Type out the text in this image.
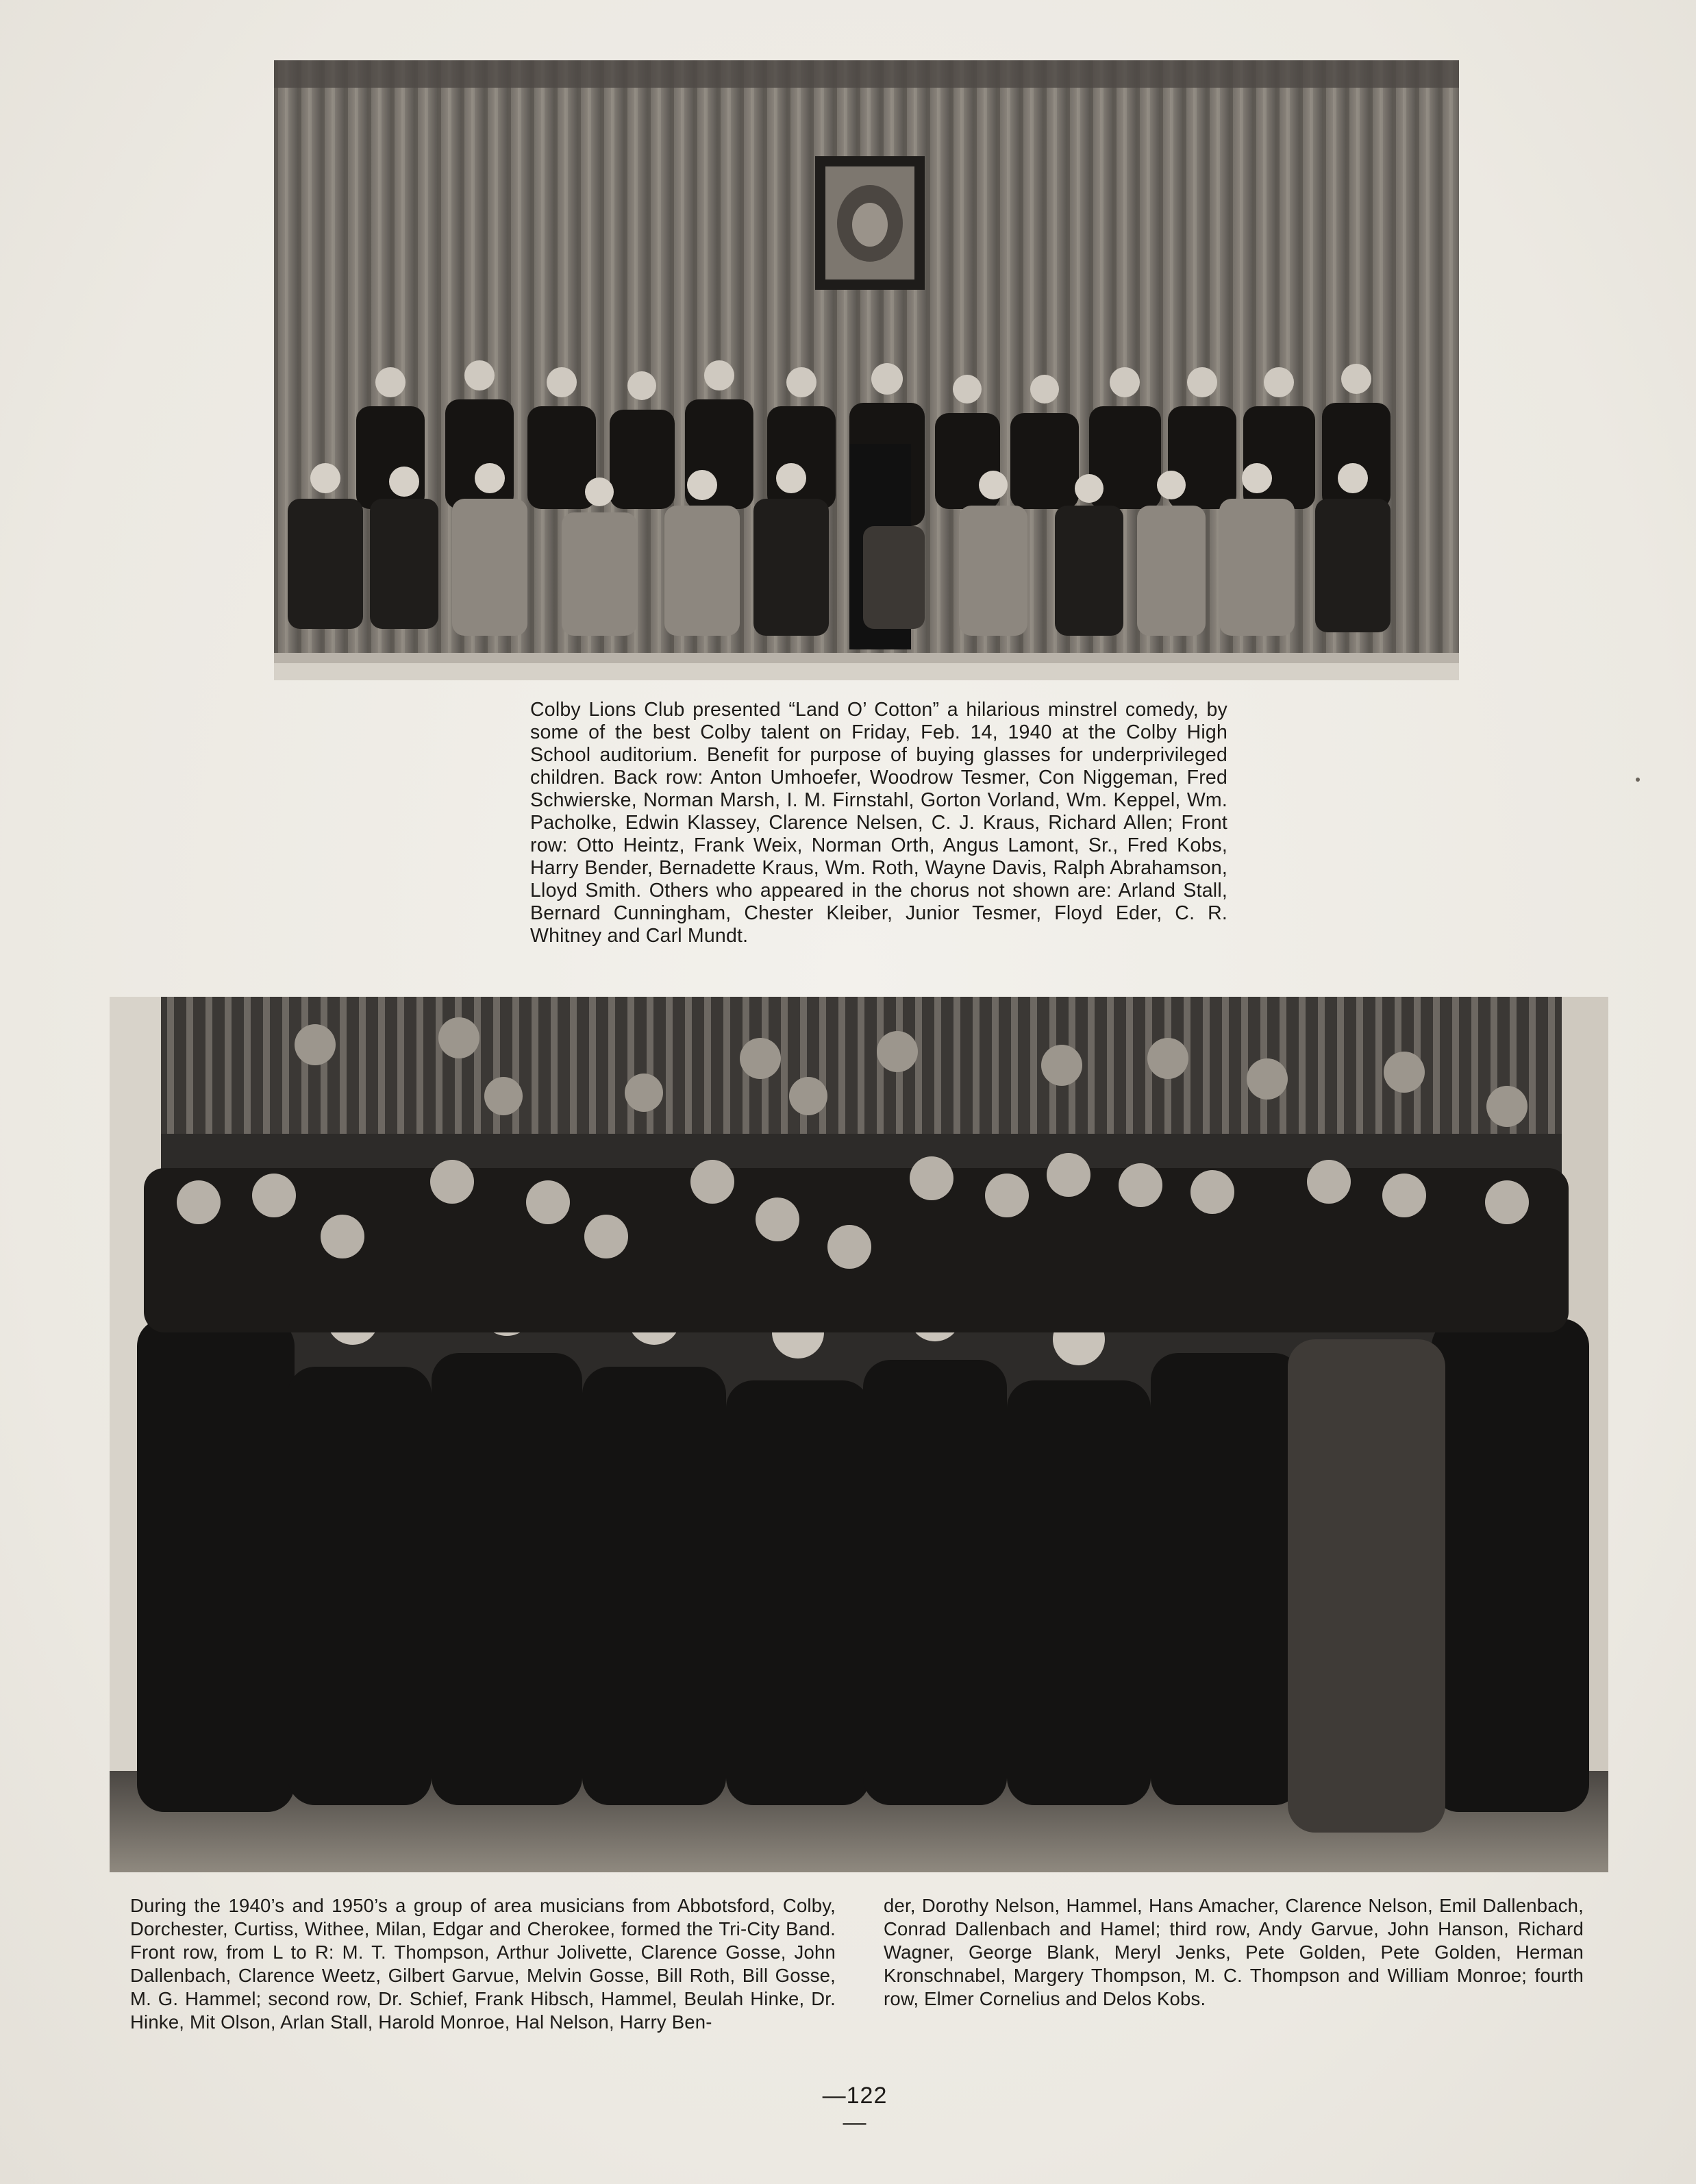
Colby Lions Club presented “Land O’ Cotton” a hilarious minstrel comedy, by some of the best Colby talent on Friday, Feb. 14, 1940 at the Colby High School auditorium. Benefit for purpose of buying glasses for underprivileged children. Back row: Anton Umhoefer, Woodrow Tesmer, Con Niggeman, Fred Schwierske, Norman Marsh, I. M. Firnstahl, Gorton Vorland, Wm. Keppel, Wm. Pacholke, Edwin Klassey, Clarence Nelsen, C. J. Kraus, Richard Allen; Front row: Otto Heintz, Frank Weix, Norman Orth, Angus Lamont, Sr., Fred Kobs, Harry Bender, Bernadette Kraus, Wm. Roth, Wayne Davis, Ralph Abrahamson, Lloyd Smith. Others who appeared in the chorus not shown are: Arland Stall, Bernard Cunningham, Chester Kleiber, Junior Tesmer, Floyd Eder, C. R. Whitney and Carl Mundt.
During the 1940’s and 1950’s a group of area musicians from Abbotsford, Colby, Dorchester, Curtiss, Withee, Milan, Edgar and Cherokee, formed the Tri-City Band. Front row, from L to R: M. T. Thompson, Arthur Jolivette, Clarence Gosse, John Dallenbach, Clarence Weetz, Gilbert Garvue, Melvin Gosse, Bill Roth, Bill Gosse, M. G. Hammel; second row, Dr. Schief, Frank Hibsch, Hammel, Beulah Hinke, Dr. Hinke, Mit Olson, Arlan Stall, Harold Monroe, Hal Nelson, Harry Ben-
der, Dorothy Nelson, Hammel, Hans Amacher, Clarence Nelson, Emil Dallenbach, Conrad Dallenbach and Hamel; third row, Andy Garvue, John Hanson, Richard Wagner, George Blank, Meryl Jenks, Pete Golden, Pete Golden, Herman Kronschnabel, Margery Thompson, M. C. Thompson and William Monroe; fourth row, Elmer Cornelius and Delos Kobs.
—122—
